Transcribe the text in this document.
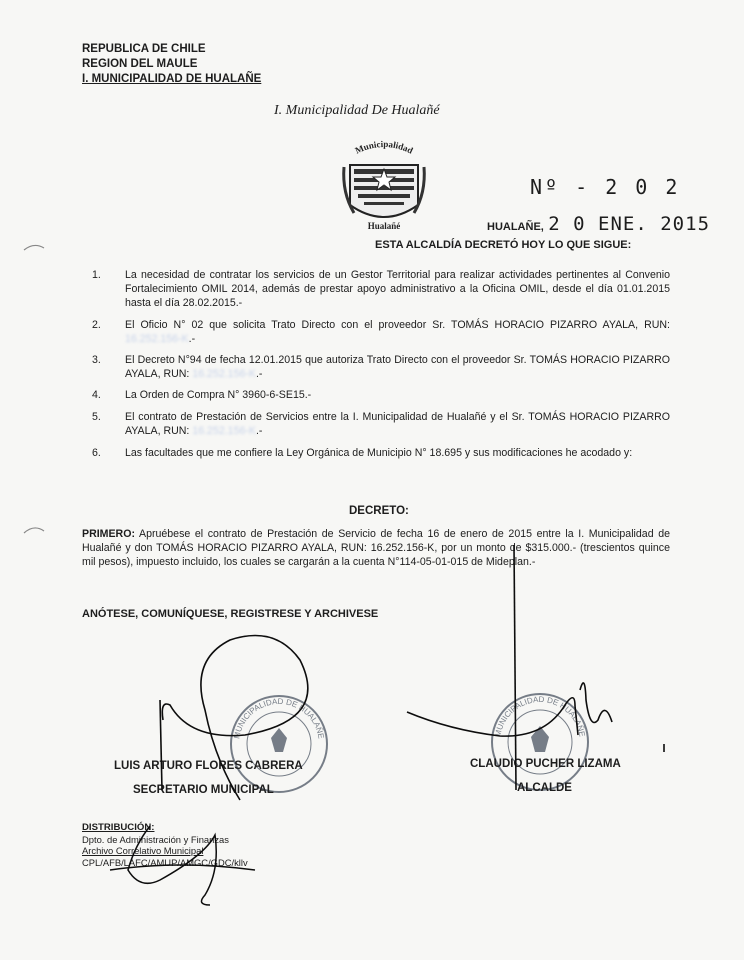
REPUBLICA DE CHILE
REGION DEL MAULE
I. MUNICIPALIDAD DE HUALAÑE
I. Municipalidad De Hualañé
Municipalidad
Hualañé
Nº - 2 0 2
HUALAÑE, 2 0 ENE. 2015
ESTA ALCALDÍA DECRETÓ HOY LO QUE SIGUE:
1.	La necesidad de contratar los servicios de un Gestor Territorial para realizar actividades pertinentes al Convenio Fortalecimiento OMIL 2014, además de prestar apoyo administrativo a la Oficina OMIL, desde el día 01.01.2015 hasta el día 28.02.2015.-
2.	El Oficio N° 02 que solicita Trato Directo con el proveedor Sr. TOMÁS HORACIO PIZARRO AYALA, RUN: 16.252.156-K.-
3.	El Decreto N°94 de fecha 12.01.2015 que autoriza Trato Directo con el proveedor Sr. TOMÁS HORACIO PIZARRO AYALA, RUN: 16.252.156-K.-
4.	La Orden de Compra N° 3960-6-SE15.-
5.	El contrato de Prestación de Servicios entre la I. Municipalidad de Hualañé y el Sr. TOMÁS HORACIO PIZARRO AYALA, RUN: 16.252.156-K.-
6.	Las facultades que me confiere la Ley Orgánica de Municipio N° 18.695 y sus modificaciones he acodado y:
DECRETO:
PRIMERO: Apruébese el contrato de Prestación de Servicio de fecha 16 de enero de 2015 entre la I. Municipalidad de Hualañé y don TOMÁS HORACIO PIZARRO AYALA, RUN: 16.252.156-K, por un monto de $315.000.- (trescientos quince mil pesos), impuesto incluido, los cuales se cargarán a la cuenta N°114-05-01-015 de Mideplan.-
ANÓTESE, COMUNÍQUESE, REGISTRESE Y ARCHIVESE
MUNICIPALIDAD DE HUALAÑE	MUNICIPALIDAD DE HUALAÑE
LUIS ARTURO FLORES CABRERA
SECRETARIO MUNICIPAL
CLAUDIO PUCHER LIZAMA
ALCALDE
DISTRIBUCIÓN:
Dpto. de Administración y Finanzas
Archivo Correlativo Municipal
CPL/AFB/LAFC/AMUP/AMGC/GDC/kllv
